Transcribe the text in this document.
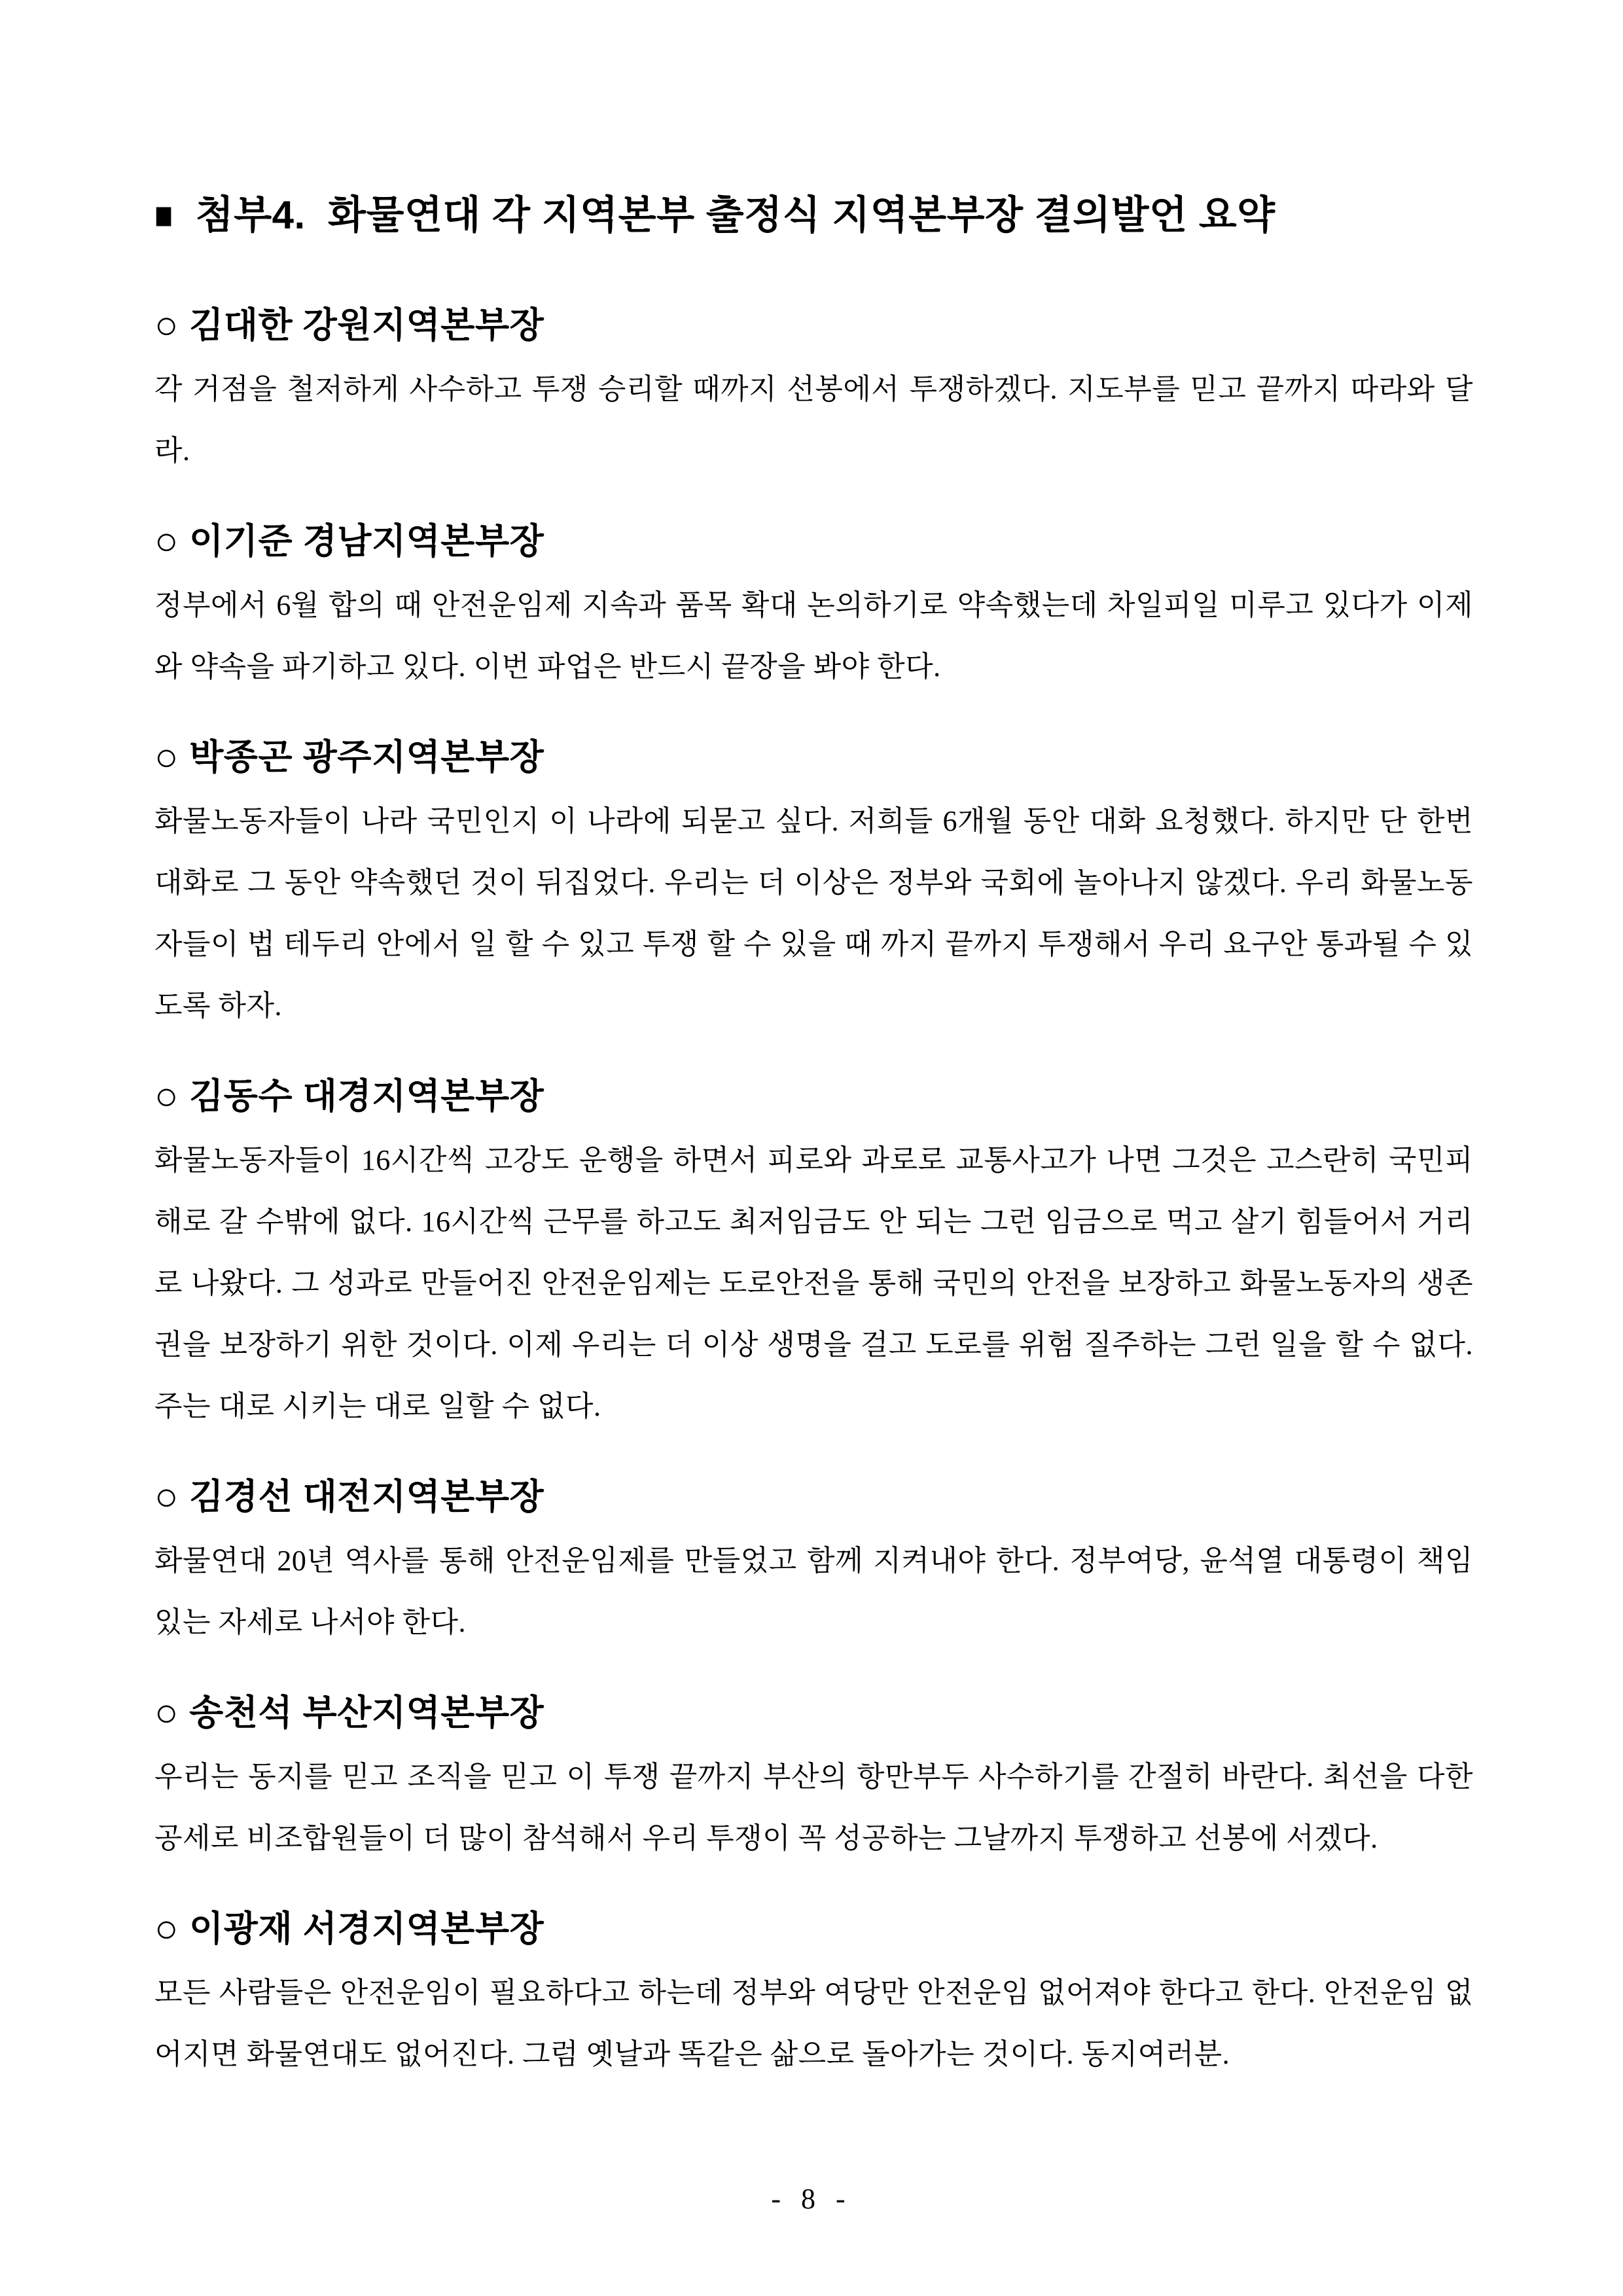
■ 첨부4.  화물연대 각 지역본부 출정식 지역본부장 결의발언 요약
○ 김대한 강원지역본부장

각 거점을 철저하게 사수하고 투쟁 승리할 때까지 선봉에서 투쟁하겠다. 지도부를 믿고 끝까지 따라와 달라.

○ 이기준 경남지역본부장

정부에서 6월 합의 때 안전운임제 지속과 품목 확대 논의하기로 약속했는데 차일피일 미루고 있다가 이제 와 약속을 파기하고 있다. 이번 파업은 반드시 끝장을 봐야 한다.

○ 박종곤 광주지역본부장

화물노동자들이 나라 국민인지 이 나라에 되묻고 싶다. 저희들 6개월 동안 대화 요청했다. 하지만 단 한번 대화로 그 동안 약속했던 것이 뒤집었다. 우리는 더 이상은 정부와 국회에 놀아나지 않겠다. 우리 화물노동자들이 법 테두리 안에서 일 할 수 있고 투쟁 할 수 있을 때 까지 끝까지 투쟁해서 우리 요구안 통과될 수 있도록 하자.

○ 김동수 대경지역본부장

화물노동자들이 16시간씩 고강도 운행을 하면서 피로와 과로로 교통사고가 나면 그것은 고스란히 국민피해로 갈 수밖에 없다. 16시간씩 근무를 하고도 최저임금도 안 되는 그런 임금으로 먹고 살기 힘들어서 거리로 나왔다. 그 성과로 만들어진 안전운임제는 도로안전을 통해 국민의 안전을 보장하고 화물노동자의 생존권을 보장하기 위한 것이다. 이제 우리는 더 이상 생명을 걸고 도로를 위험 질주하는 그런 일을 할 수 없다. 주는 대로 시키는 대로 일할 수 없다.

○ 김경선 대전지역본부장

화물연대 20년 역사를 통해 안전운임제를 만들었고 함께 지켜내야 한다. 정부여당, 윤석열 대통령이 책임 있는 자세로 나서야 한다.

○ 송천석 부산지역본부장

우리는 동지를 믿고 조직을 믿고 이 투쟁 끝까지 부산의 항만부두 사수하기를 간절히 바란다. 최선을 다한 공세로 비조합원들이 더 많이 참석해서 우리 투쟁이 꼭 성공하는 그날까지 투쟁하고 선봉에 서겠다.

○ 이광재 서경지역본부장

모든 사람들은 안전운임이 필요하다고 하는데 정부와 여당만 안전운임 없어져야 한다고 한다. 안전운임 없어지면 화물연대도 없어진다. 그럼 옛날과 똑같은 삶으로 돌아가는 것이다. 동지여러분.

- 8 -
